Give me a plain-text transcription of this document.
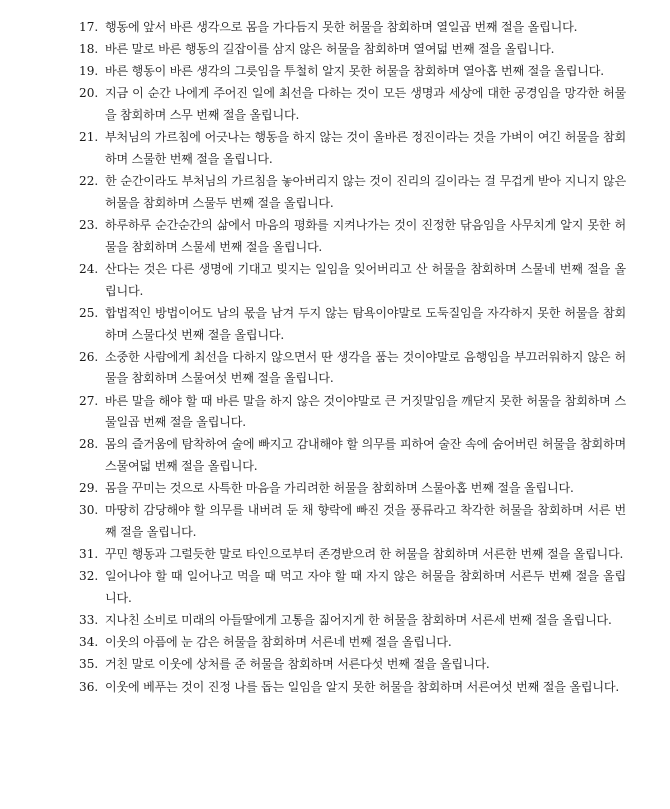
17. 행동에 앞서 바른 생각으로 몸을 가다듬지 못한 허물을 참회하며 열일곱 번째 절을 올립니다.
18. 바른 말로 바른 행동의 길잡이를 삼지 않은 허물을 참회하며 열여덟 번째 절을 올립니다.
19. 바른 행동이 바른 생각의 그릇임을 투철히 알지 못한 허물을 참회하며 열아홉 번째 절을 올립니다.
20. 지금 이 순간 나에게 주어진 일에 최선을 다하는 것이 모든 생명과 세상에 대한 공경임을 망각한 허물을 참회하며 스무 번째 절을 올립니다.
21. 부처님의 가르침에 어긋나는 행동을 하지 않는 것이 올바른 정진이라는 것을 가벼이 여긴 허물을 참회하며 스물한 번째 절을 올립니다.
22. 한 순간이라도 부처님의 가르침을 놓아버리지 않는 것이 진리의 길이라는 걸 무겁게 받아 지니지 않은 허물을 참회하며 스물두 번째 절을 올립니다.
23. 하루하루 순간순간의 삶에서 마음의 평화를 지켜나가는 것이 진정한 닦음임을 사무치게 알지 못한 허물을 참회하며 스물세 번째 절을 올립니다.
24. 산다는 것은 다른 생명에 기대고 빚지는 일임을 잊어버리고 산 허물을 참회하며 스물네 번째 절을 올립니다.
25. 합법적인 방법이어도 남의 몫을 남겨 두지 않는 탐욕이야말로 도둑질임을 자각하지 못한 허물을 참회하며 스물다섯 번째 절을 올립니다.
26. 소중한 사람에게 최선을 다하지 않으면서 딴 생각을 품는 것이야말로 음행임을 부끄러워하지 않은 허물을 참회하며 스물여섯 번째 절을 올립니다.
27. 바른 말을 해야 할 때 바른 말을 하지 않은 것이야말로 큰 거짓말임을 깨닫지 못한 허물을 참회하며 스물일곱 번째 절을 올립니다.
28. 몸의 즐거움에 탐착하여 술에 빠지고 감내해야 할 의무를 피하여 술잔 속에 숨어버린 허물을 참회하며 스물여덟 번째 절을 올립니다.
29. 몸을 꾸미는 것으로 사특한 마음을 가리려한 허물을 참회하며 스물아홉 번째 절을 올립니다.
30. 마땅히 감당해야 할 의무를 내버려 둔 채 향락에 빠진 것을 풍류라고 착각한 허물을 참회하며 서른 번째 절을 올립니다.
31. 꾸민 행동과 그럴듯한 말로 타인으로부터 존경받으려 한 허물을 참회하며 서른한 번째 절을 올립니다.
32. 일어나야 할 때 일어나고 먹을 때 먹고 자야 할 때 자지 않은 허물을 참회하며 서른두 번째 절을 올립니다.
33. 지나친 소비로 미래의 아들딸에게 고통을 짊어지게 한 허물을 참회하며 서른세 번째 절을 올립니다.
34. 이웃의 아픔에 눈 감은 허물을 참회하며 서른네 번째 절을 올립니다.
35. 거친 말로 이웃에 상처를 준 허물을 참회하며 서른다섯 번째 절을 올립니다.
36. 이웃에 베푸는 것이 진정 나를 돕는 일임을 알지 못한 허물을 참회하며 서른여섯 번째 절을 올립니다.
